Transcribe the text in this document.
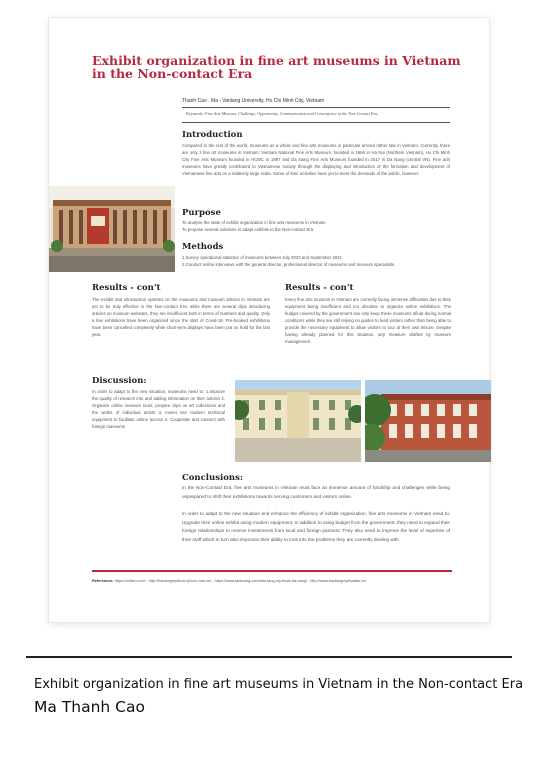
Exhibit organization in fine art museums in Vietnam in the Non-contact Era
Thanh Cao . Ma - Vanlang University, Ho Chi Minh City, Vietnam
Keywords: Fine Arts Museum, Challenge, Opportunity, Communication and Convergence in the Non-Contact Era,
Introduction

Compared to the rest of the world, museums as a whole and fine arts museums in particular arrived rather late in Vietnam. Currently, there are only 3 fine art museums in Vietnam: Vietnam National Fine Arts Museum, founded in 1966 in Ha Noi (Northern Vietnam), Ho Chi Minh City Fine Arts Museum founded in HCMC in 1987 and Da Nang Fine Arts Museum founded in 2017 in Da Nang (central VN). Fine arts museums have greatly contributed to Vietnamese society through the displaying and introduction of the formation and development of Vietnamese fine arts on a relatively large scale. Some of their activities have yet to meet the demands of the public, however.

Purpose

To analyze the state of exhibit organization in fine arts museums in Vietnam

To propose several solutions to adapt exhibits to the Non-contact Era

Methods

1.Survey operational statistics of museums between July 2020 and September 2021

2.Conduct online interviews with the general director, professional director of museums and museum specialists.

Results - con't

The exhibit and introduction systems on the museums and museum articles in Vietnam are yet to be truly effective in the Non-contact Era: while there are several clips introducing articles on museum websites, they are insufficient both in terms of numbers and quality. Only a few exhibitions have been organized since the start of Covid-19. Pre-booked exhibitions have been cancelled completely while short-term displays have been put on hold for the last year.

Results - con't

Every fine arts museum in Vietnam are currently facing immense difficulties due to their equipment being insufficient and too obsolete to organize online exhibitions. The budget covered by the government can only keep these museums afloat during normal conditions while they are still relying on guides to lead visitors rather than being able to provide the necessary equipment to allow visitors to tour at their own leisure. Despite having already planned for this situation, any measure drafted by museum management .

Discussion:

In order to adapt to the new situation, museums need to: 1.Improve the quality of research into and adding information on their articles 2. Organize online museum tours, prepare clips on art collections and the works of individual artists 3. Invest into modern technical equipment to facilitate online access 4. Cooperate and connect with foreign museums

Conclusions:

In the Non-Contact Era, fine arts museums in Vietnam must face an immense amount of hardship and challenges while being unprepared to shift their exhibitions towards serving customers and visitors online.

In order to adapt to the new situation and enhance the efficiency of exhibit organization, fine arts museums in Vietnam need to: Upgrade their online exhibit using modern equipment. In addition to using budget from the government, they need to expand their foreign relationships to receive investments from local and foreign partners. They also need to improve the level of expertise of their staff which in turn also improves their ability to look into the problems they are currently dealing with.

References: https://vnfam.vn/vi - http://baotangmythuat.tphcm.com.vn/ - https://www.tanlisang.com/bao-tang-my-thuat-da-nang/ - http://www.baotangmythuatdn.vn/
Exhibit organization in fine art museums in Vietnam in the Non-contact Era
Ma Thanh Cao
